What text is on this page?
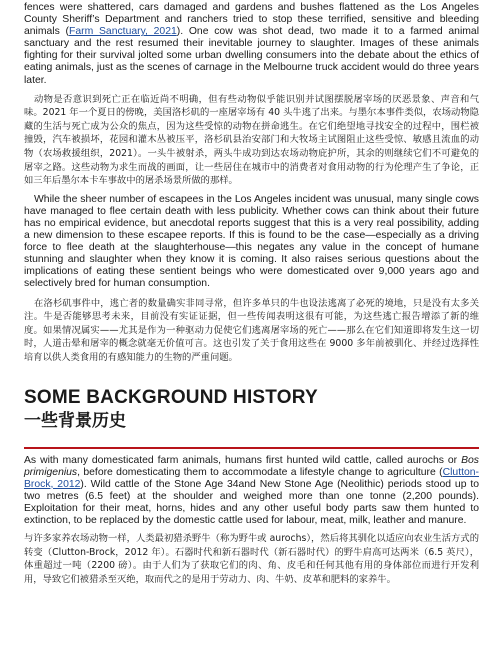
fences were shattered, cars damaged and gardens and bushes flattened as the Los Angeles County Sheriff’s Department and ranchers tried to stop these terrified, sensitive and bleeding animals (Farm Sanctuary, 2021). One cow was shot dead, two made it to a farmed animal sanctuary and the rest resumed their inevitable journey to slaughter. Images of these animals fighting for their survival jolted some urban dwelling consumers into the debate about the ethics of eating animals, just as the scenes of carnage in the Melbourne truck accident would do three years later.

动物是否意识到死亡正在临近尚不明确，但有些动物似乎能识别并试图摆脱屠宰场的厌恶景象、声音和气味。2021 年一个夏日的傍晚，美国洛杉矶的一座屠宰场有 40 头牛逃了出来。与墨尔本事件类似，农场动物隐藏的生活与死亡成为公众的焦点，因为这些受惊的动物在拼命逃生。在它们绝望地寻找安全的过程中，围栏被撞毁，汽车被损坏，花园和灌木丛被压平，洛杉矶县治安部门和大牧场主试图阻止这些受惊、敏感且流血的动物（农场救援组织，2021）。一头牛被射杀，两头牛成功到达农场动物庇护所，其余的则继续它们不可避免的屠宰之路。这些动物为求生而战的画面，让一些居住在城市中的消费者对食用动物的行为伦理产生了争论，正如三年后墨尔本卡车事故中的屠杀场景所做的那样。

While the sheer number of escapees in the Los Angeles incident was unusual, many single cows have managed to flee certain death with less publicity. Whether cows can think about their future has no empirical evidence, but anecdotal reports suggest that this is a very real possibility, adding a new dimension to these escapee reports. If this is found to be the case—especially as a driving force to flee death at the slaughterhouse—this negates any value in the concept of humane stunning and slaughter when they know it is coming. It also raises serious questions about the implications of eating these sentient beings who were domesticated over 9,000 years ago and selectively bred for human consumption.

在洛杉矶事件中，逃亡者的数量确实非同寻常，但许多单只的牛也设法逃离了必死的境地，只是没有太多关注。牛是否能够思考未来，目前没有实证证据，但一些传闻表明这很有可能，为这些逃亡报告增添了新的维度。如果情况属实——尤其是作为一种驱动力促使它们逃离屠宰场的死亡——那么在它们知道即将发生这一切时，人道击晕和屠宰的概念就毫无价值可言。这也引发了关于食用这些在 9000 多年前被驯化、并经过选择性培育以供人类食用的有感知能力的生物的严重问题。

SOME BACKGROUND HISTORY
一些背景历史

As with many domesticated farm animals, humans first hunted wild cattle, called aurochs or Bos primigenius, before domesticating them to accommodate a lifestyle change to agriculture (Clutton-Brock, 2012). Wild cattle of the Stone Age 34and New Stone Age (Neolithic) periods stood up to two metres (6.5 feet) at the shoulder and weighed more than one tonne (2,200 pounds). Exploitation for their meat, horns, hides and any other useful body parts saw them hunted to extinction, to be replaced by the domestic cattle used for labour, meat, milk, leather and manure.

与许多家养农场动物一样，人类最初猎杀野牛（称为野牛或 aurochs），然后将其驯化以适应向农业生活方式的转变（Clutton-Brock，2012 年）。石器时代和新石器时代（新石器时代）的野牛肩高可达两米（6.5 英尺），体重超过一吨（2200 磅）。由于人们为了获取它们的肉、角、皮毛和任何其他有用的身体部位而进行开发利用，导致它们被猎杀至灭绝，取而代之的是用于劳动力、肉、牛奶、皮革和肥料的家养牛。
